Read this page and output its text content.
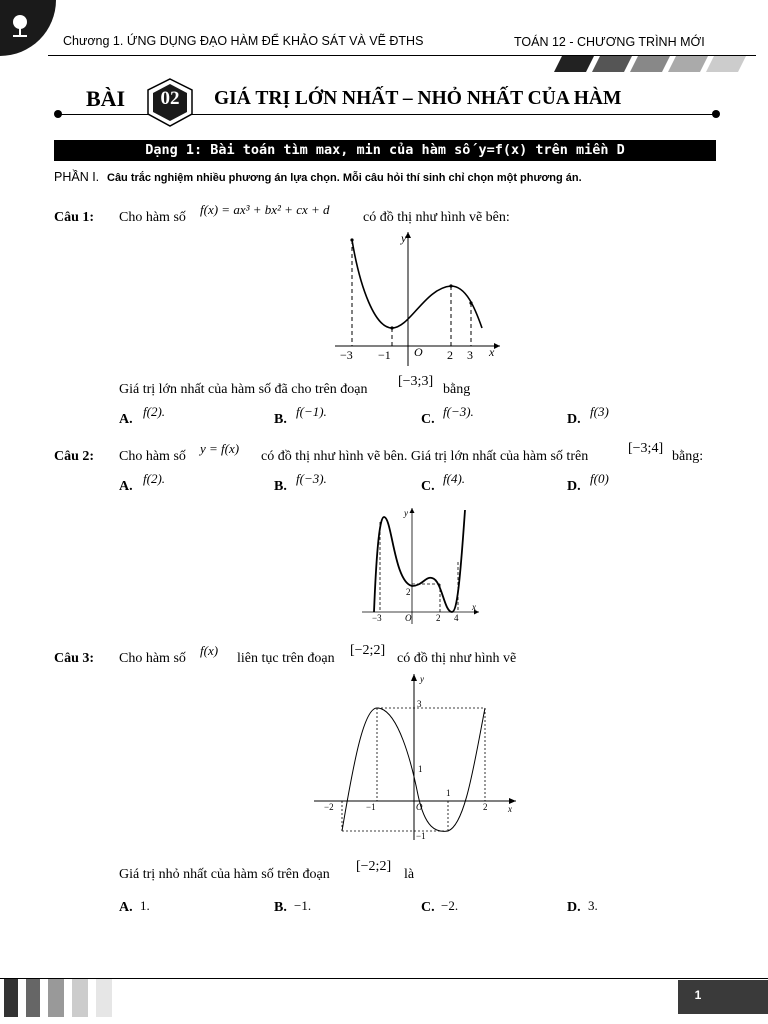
Chương 1. ỨNG DỤNG ĐẠO HÀM ĐỂ KHẢO SÁT VÀ VẼ ĐTHS	TOÁN 12 - CHƯƠNG TRÌNH MỚI
BÀI	02	GIÁ TRỊ LỚN NHẤT – NHỎ NHẤT CỦA HÀM
Dạng 1: Bài toán tìm max, min của hàm số y=f(x) trên miền D
PHẦN I. Câu trắc nghiệm nhiều phương án lựa chọn. Mỗi câu hỏi thí sinh chỉ chọn một phương án.
Câu 1: Cho hàm số
f(x) = ax³ + bx² + cx + d
có đồ thị như hình vẽ bên:
y
x
O
−3 −1	2 3
Giá trị lớn nhất của hàm số đã cho trên đoạn
[−3;3]
bằng
A.
f(2).
B.
f(−1).
C.
f(−3).
D.
f(3)
Câu 2: Cho hàm số
y = f(x)
có đồ thị như hình vẽ bên. Giá trị lớn nhất của hàm số trên
[−3;4]
bằng:
A.
f(2).
B.
f(−3).
C.
f(4).
D.
f(0)
y
x
O
2
−3	2 4
Câu 3: Cho hàm số
f(x)
liên tục trên đoạn
[−2;2]
có đồ thị như hình vẽ
y
x
O
3
1
−1
−2	−1
1
2
Giá trị nhỏ nhất của hàm số trên đoạn
[−2;2]
là
A. 1.	B. −1.	C. −2.	D. 3.
1
